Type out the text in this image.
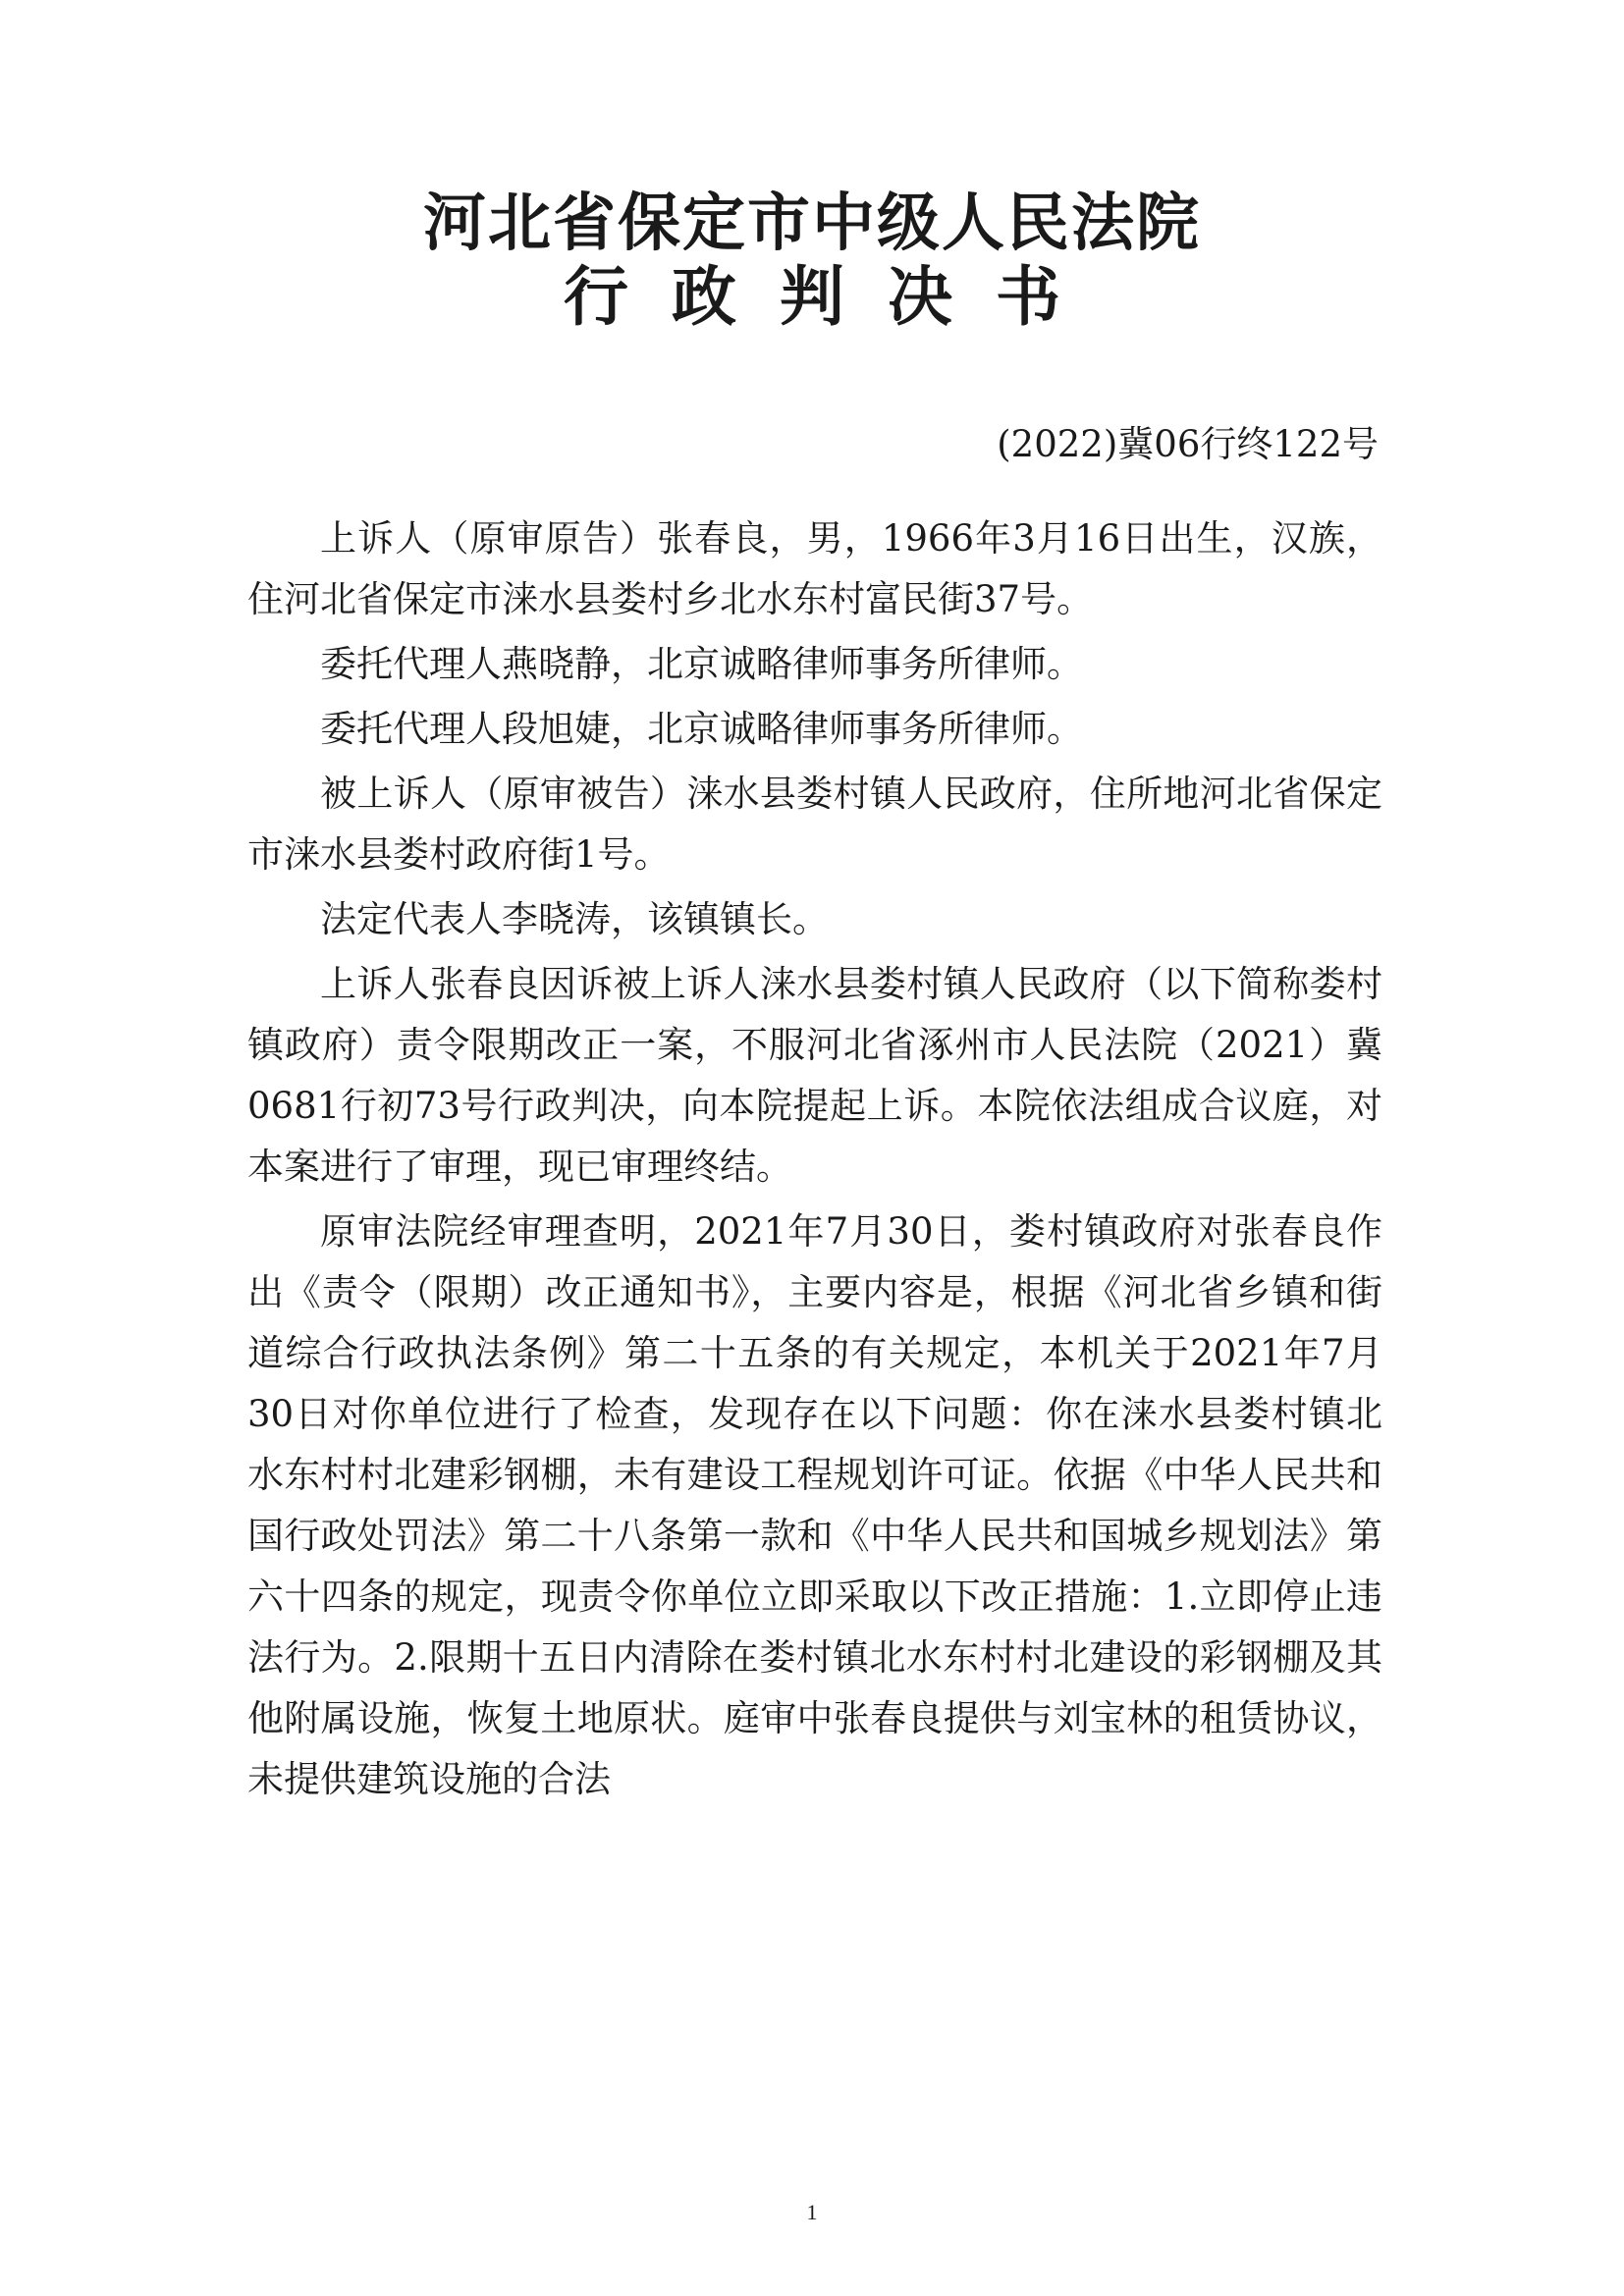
河北省保定市中级人民法院
行政判决书
(2022)冀06行终122号

上诉人（原审原告）张春良，男，1966年3月16日出生，汉族，住河北省保定市涞水县娄村乡北水东村富民街37号。

委托代理人燕晓静，北京诚略律师事务所律师。

委托代理人段旭婕，北京诚略律师事务所律师。

被上诉人（原审被告）涞水县娄村镇人民政府，住所地河北省保定市涞水县娄村政府街1号。

法定代表人李晓涛，该镇镇长。

上诉人张春良因诉被上诉人涞水县娄村镇人民政府（以下简称娄村镇政府）责令限期改正一案，不服河北省涿州市人民法院（2021）冀0681行初73号行政判决，向本院提起上诉。本院依法组成合议庭，对本案进行了审理，现已审理终结。

原审法院经审理查明，2021年7月30日，娄村镇政府对张春良作出《责令（限期）改正通知书》，主要内容是，根据《河北省乡镇和街道综合行政执法条例》第二十五条的有关规定，本机关于2021年7月30日对你单位进行了检查，发现存在以下问题：你在涞水县娄村镇北水东村村北建彩钢棚，未有建设工程规划许可证。依据《中华人民共和国行政处罚法》第二十八条第一款和《中华人民共和国城乡规划法》第六十四条的规定，现责令你单位立即采取以下改正措施：1.立即停止违法行为。2.限期十五日内清除在娄村镇北水东村村北建设的彩钢棚及其他附属设施，恢复土地原状。庭审中张春良提供与刘宝林的租赁协议，未提供建筑设施的合法

1
